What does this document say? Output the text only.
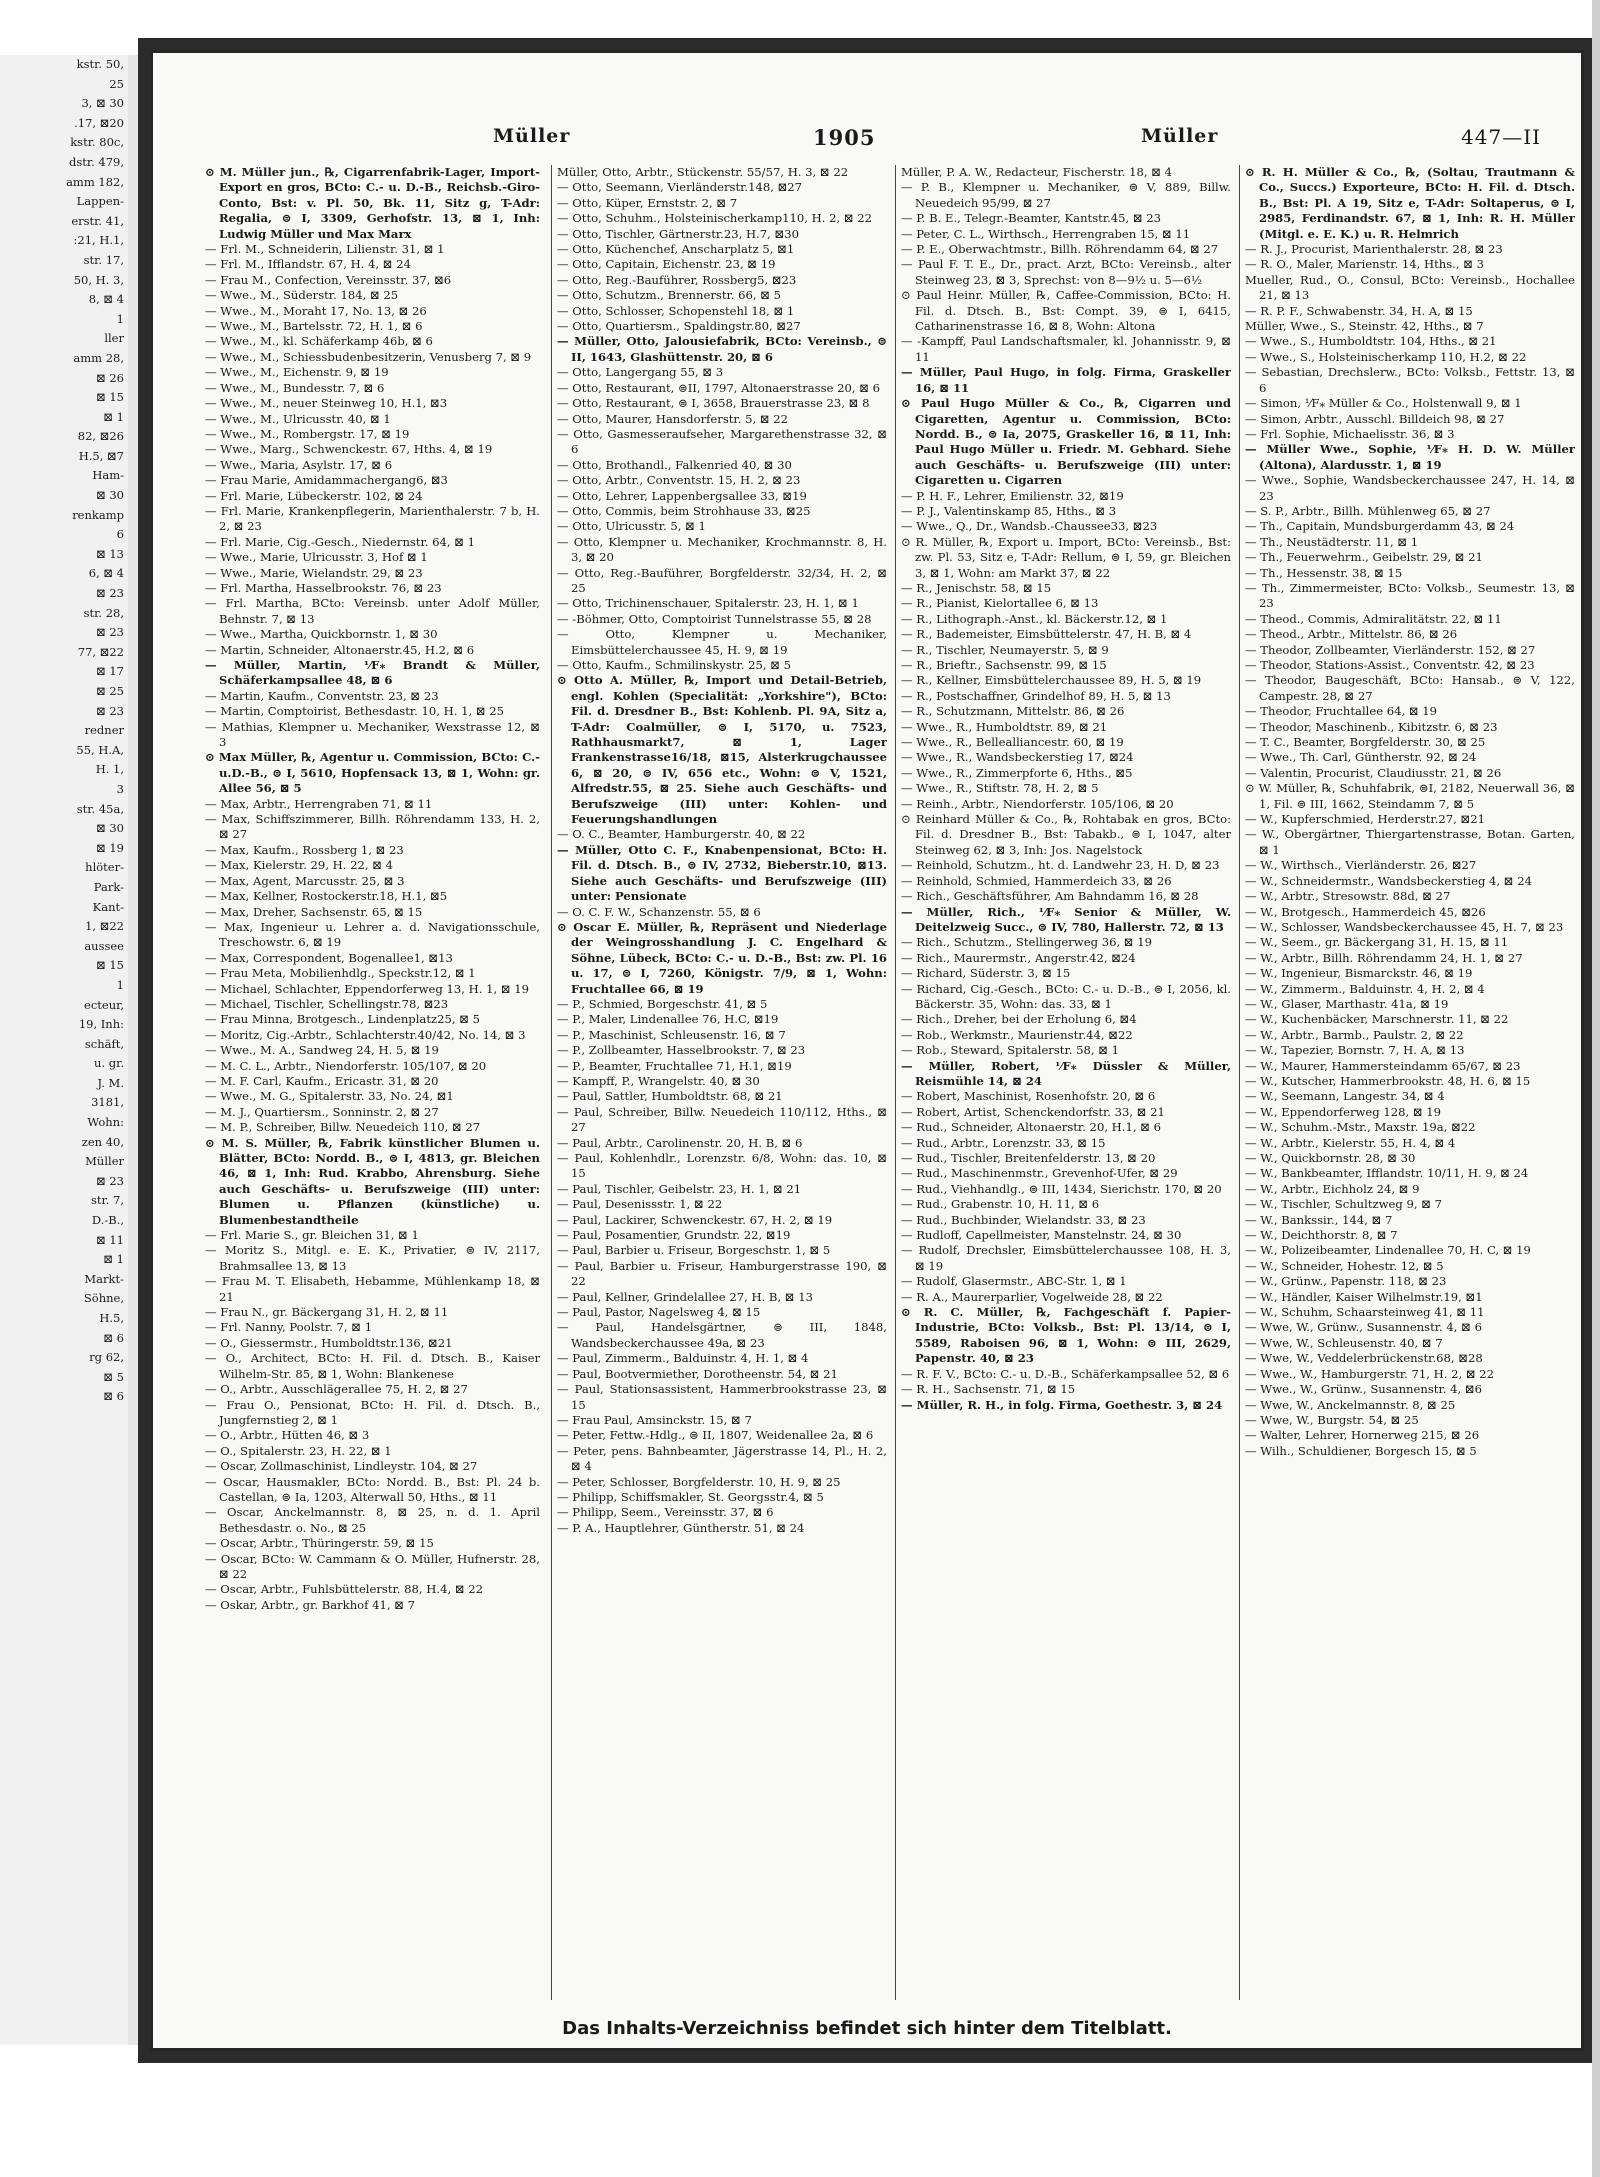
kstr. 50,
25
3, ⊠ 30
.17, ⊠20
kstr. 80c,
dstr. 479,
amm 182,
Lappen-
erstr. 41,
:21, H.1,
str. 17,
50, H. 3,
8, ⊠ 4
1
ller
amm 28,
⊠ 26
⊠ 15
⊠ 1
82, ⊠26
H.5, ⊠7
Ham-
⊠ 30
renkamp
6
⊠ 13
6, ⊠ 4
⊠ 23
str. 28,
⊠ 23
77, ⊠22
⊠ 17
⊠ 25
⊠ 23
redner
55, H.A,
H. 1,
3
str. 45a,
⊠ 30
⊠ 19
hlöter-
Park-
Kant-
1, ⊠22
aussee
⊠ 15
1
ecteur,
19, Inh:
schäft,
u. gr.
J. M.
3181,
Wohn:
zen 40,
Müller
⊠ 23
str. 7,
D.-B.,
⊠ 11
⊠ 1
Markt-
Söhne,
H.5,
⊠ 6
rg 62,
⊠ 5
⊠ 6
Müller	1905	Müller	447—II

⊙ M. Müller jun., ℞, Cigarrenfabrik-Lager, Import- Export en gros, BCto: C.- u. D.-B., Reichsb.-Giro-Conto, Bst: v. Pl. 50, Bk. 11, Sitz g, T-Adr: Regalia, ⊜ I, 3309, Gerhofstr. 13, ⊠ 1, Inh: Ludwig Müller und Max Marx

— Frl. M., Schneiderin, Lilienstr. 31, ⊠ 1

— Frl. M., Ifflandstr. 67, H. 4, ⊠ 24

— Frau M., Confection, Vereinsstr. 37, ⊠6

— Wwe., M., Süderstr. 184, ⊠ 25

— Wwe., M., Moraht 17, No. 13, ⊠ 26

— Wwe., M., Bartelsstr. 72, H. 1, ⊠ 6

— Wwe., M., kl. Schäferkamp 46b, ⊠ 6

— Wwe., M., Schiessbudenbesitzerin, Venusberg 7, ⊠ 9

— Wwe., M., Eichenstr. 9, ⊠ 19

— Wwe., M., Bundesstr. 7, ⊠ 6

— Wwe., M., neuer Steinweg 10, H.1, ⊠3

— Wwe., M., Ulricusstr. 40, ⊠ 1

— Wwe., M., Rombergstr. 17, ⊠ 19

— Wwe., Marg., Schwenckestr. 67, Hths. 4, ⊠ 19

— Wwe., Maria, Asylstr. 17, ⊠ 6

— Frau Marie, Amidammachergang6, ⊠3

— Frl. Marie, Lübeckerstr. 102, ⊠ 24

— Frl. Marie, Krankenpflegerin, Marienthalerstr. 7 b, H. 2, ⊠ 23

— Frl. Marie, Cig.-Gesch., Niedernstr. 64, ⊠ 1

— Wwe., Marie, Ulricusstr. 3, Hof ⊠ 1

— Wwe., Marie, Wielandstr. 29, ⊠ 23

— Frl. Martha, Hasselbrookstr. 76, ⊠ 23

— Frl. Martha, BCto: Vereinsb. unter Adolf Müller, Behnstr. 7, ⊠ 13

— Wwe., Martha, Quickbornstr. 1, ⊠ 30

— Martin, Schneider, Altonaerstr.45, H.2, ⊠ 6

— Müller, Martin, ⅟F⁎ Brandt & Müller, Schäferkampsallee 48, ⊠ 6

— Martin, Kaufm., Conventstr. 23, ⊠ 23

— Martin, Comptoirist, Bethesdastr. 10, H. 1, ⊠ 25

— Mathias, Klempner u. Mechaniker, Wexstrasse 12, ⊠ 3

⊙ Max Müller, ℞, Agentur u. Commission, BCto: C.-u.D.-B., ⊜ I, 5610, Hopfensack 13, ⊠ 1, Wohn: gr. Allee 56, ⊠ 5

— Max, Arbtr., Herrengraben 71, ⊠ 11

— Max, Schiffszimmerer, Billh. Röhrendamm 133, H. 2, ⊠ 27

— Max, Kaufm., Rossberg 1, ⊠ 23

— Max, Kielerstr. 29, H. 22, ⊠ 4

— Max, Agent, Marcusstr. 25, ⊠ 3

— Max, Kellner, Rostockerstr.18, H.1, ⊠5

— Max, Dreher, Sachsenstr. 65, ⊠ 15

— Max, Ingenieur u. Lehrer a. d. Navigationsschule, Treschowstr. 6, ⊠ 19

— Max, Correspondent, Bogenallee1, ⊠13

— Frau Meta, Mobilienhdlg., Speckstr.12, ⊠ 1

— Michael, Schlachter, Eppendorferweg 13, H. 1, ⊠ 19

— Michael, Tischler, Schellingstr.78, ⊠23

— Frau Minna, Brotgesch., Lindenplatz25, ⊠ 5

— Moritz, Cig.-Arbtr., Schlachterstr.40/42, No. 14, ⊠ 3

— Wwe., M. A., Sandweg 24, H. 5, ⊠ 19

— M. C. L., Arbtr., Niendorferstr. 105/107, ⊠ 20

— M. F. Carl, Kaufm., Ericastr. 31, ⊠ 20

— Wwe., M. G., Spitalerstr. 33, No. 24, ⊠1

— M. J., Quartiersm., Sonninstr. 2, ⊠ 27

— M. P., Schreiber, Billw. Neuedeich 110, ⊠ 27

⊙ M. S. Müller, ℞, Fabrik künstlicher Blumen u. Blätter, BCto: Nordd. B., ⊜ I, 4813, gr. Bleichen 46, ⊠ 1, Inh: Rud. Krabbo, Ahrensburg. Siehe auch Geschäfts- u. Berufszweige (III) unter: Blumen u. Pflanzen (künstliche) u. Blumenbestandtheile

— Frl. Marie S., gr. Bleichen 31, ⊠ 1

— Moritz S., Mitgl. e. E. K., Privatier, ⊜ IV, 2117, Brahmsallee 13, ⊠ 13

— Frau M. T. Elisabeth, Hebamme, Mühlenkamp 18, ⊠ 21

— Frau N., gr. Bäckergang 31, H. 2, ⊠ 11

— Frl. Nanny, Poolstr. 7, ⊠ 1

— O., Giessermstr., Humboldtstr.136, ⊠21

— O., Architect, BCto: H. Fil. d. Dtsch. B., Kaiser Wilhelm-Str. 85, ⊠ 1, Wohn: Blankenese

— O., Arbtr., Ausschlägerallee 75, H. 2, ⊠ 27

— Frau O., Pensionat, BCto: H. Fil. d. Dtsch. B., Jungfernstieg 2, ⊠ 1

— O., Arbtr., Hütten 46, ⊠ 3

— O., Spitalerstr. 23, H. 22, ⊠ 1

— Oscar, Zollmaschinist, Lindleystr. 104, ⊠ 27

— Oscar, Hausmakler, BCto: Nordd. B., Bst: Pl. 24 b. Castellan, ⊜ Ia, 1203, Alterwall 50, Hths., ⊠ 11

— Oscar, Anckelmannstr. 8, ⊠ 25, n. d. 1. April Bethesdastr. o. No., ⊠ 25

— Oscar, Arbtr., Thüringerstr. 59, ⊠ 15

— Oscar, BCto: W. Cammann & O. Müller, Hufnerstr. 28, ⊠ 22

— Oscar, Arbtr., Fuhlsbüttelerstr. 88, H.4, ⊠ 22

— Oskar, Arbtr., gr. Barkhof 41, ⊠ 7

Müller, Otto, Arbtr., Stückenstr. 55/57, H. 3, ⊠ 22

— Otto, Seemann, Vierländerstr.148, ⊠27

— Otto, Küper, Ernststr. 2, ⊠ 7

— Otto, Schuhm., Holsteinischerkamp110, H. 2, ⊠ 22

— Otto, Tischler, Gärtnerstr.23, H.7, ⊠30

— Otto, Küchenchef, Anscharplatz 5, ⊠1

— Otto, Capitain, Eichenstr. 23, ⊠ 19

— Otto, Reg.-Bauführer, Rossberg5, ⊠23

— Otto, Schutzm., Brennerstr. 66, ⊠ 5

— Otto, Schlosser, Schopenstehl 18, ⊠ 1

— Otto, Quartiersm., Spaldingstr.80, ⊠27

— Müller, Otto, Jalousiefabrik, BCto: Vereinsb., ⊜ II, 1643, Glashüttenstr. 20, ⊠ 6

— Otto, Langergang 55, ⊠ 3

— Otto, Restaurant, ⊜II, 1797, Altonaerstrasse 20, ⊠ 6

— Otto, Restaurant, ⊜ I, 3658, Brauerstrasse 23, ⊠ 8

— Otto, Maurer, Hansdorferstr. 5, ⊠ 22

— Otto, Gasmesseraufseher, Margarethenstrasse 32, ⊠ 6

— Otto, Brothandl., Falkenried 40, ⊠ 30

— Otto, Arbtr., Conventstr. 15, H. 2, ⊠ 23

— Otto, Lehrer, Lappenbergsallee 33, ⊠19

— Otto, Commis, beim Strohhause 33, ⊠25

— Otto, Ulricusstr. 5, ⊠ 1

— Otto, Klempner u. Mechaniker, Krochmannstr. 8, H. 3, ⊠ 20

— Otto, Reg.-Bauführer, Borgfelderstr. 32/34, H. 2, ⊠ 25

— Otto, Trichinenschauer, Spitalerstr. 23, H. 1, ⊠ 1

— -Böhmer, Otto, Comptoirist Tunnelstrasse 55, ⊠ 28

— Otto, Klempner u. Mechaniker, Eimsbüttelerchaussee 45, H. 9, ⊠ 19

— Otto, Kaufm., Schmilinskystr. 25, ⊠ 5

⊙ Otto A. Müller, ℞, Import und Detail-Betrieb, engl. Kohlen (Specialität: „Yorkshire"), BCto: Fil. d. Dresdner B., Bst: Kohlenb. Pl. 9A, Sitz a, T-Adr: Coalmüller, ⊜ I, 5170, u. 7523, Rathhausmarkt7, ⊠ 1, Lager Frankenstrasse16/18, ⊠15, Alsterkrugchaussee 6, ⊠ 20, ⊜ IV, 656 etc., Wohn: ⊜ V, 1521, Alfredstr.55, ⊠ 25. Siehe auch Geschäfts- und Berufszweige (III) unter: Kohlen- und Feuerungshandlungen

— O. C., Beamter, Hamburgerstr. 40, ⊠ 22

— Müller, Otto C. F., Knabenpensionat, BCto: H. Fil. d. Dtsch. B., ⊜ IV, 2732, Bieberstr.10, ⊠13. Siehe auch Geschäfts- und Berufszweige (III) unter: Pensionate

— O. C. F. W., Schanzenstr. 55, ⊠ 6

⊙ Oscar E. Müller, ℞, Repräsent und Niederlage der Weingrosshandlung J. C. Engelhard & Söhne, Lübeck, BCto: C.- u. D.-B., Bst: zw. Pl. 16 u. 17, ⊜ I, 7260, Königstr. 7/9, ⊠ 1, Wohn: Fruchtallee 66, ⊠ 19

— P., Schmied, Borgeschstr. 41, ⊠ 5

— P., Maler, Lindenallee 76, H.C, ⊠19

— P., Maschinist, Schleusenstr. 16, ⊠ 7

— P., Zollbeamter, Hasselbrookstr. 7, ⊠ 23

— P., Beamter, Fruchtallee 71, H.1, ⊠19

— Kampff, P., Wrangelstr. 40, ⊠ 30

— Paul, Sattler, Humboldtstr. 68, ⊠ 21

— Paul, Schreiber, Billw. Neuedeich 110/112, Hths., ⊠ 27

— Paul, Arbtr., Carolinenstr. 20, H. B, ⊠ 6

— Paul, Kohlenhdlr., Lorenzstr. 6/8, Wohn: das. 10, ⊠ 15

— Paul, Tischler, Geibelstr. 23, H. 1, ⊠ 21

— Paul, Desenissstr. 1, ⊠ 22

— Paul, Lackirer, Schwenckestr. 67, H. 2, ⊠ 19

— Paul, Posamentier, Grundstr. 22, ⊠19

— Paul, Barbier u. Friseur, Borgeschstr. 1, ⊠ 5

— Paul, Barbier u. Friseur, Hamburgerstrasse 190, ⊠ 22

— Paul, Kellner, Grindelallee 27, H. B, ⊠ 13

— Paul, Pastor, Nagelsweg 4, ⊠ 15

— Paul, Handelsgärtner, ⊜ III, 1848, Wandsbeckerchaussee 49a, ⊠ 23

— Paul, Zimmerm., Balduinstr. 4, H. 1, ⊠ 4

— Paul, Bootvermiether, Dorotheenstr. 54, ⊠ 21

— Paul, Stationsassistent, Hammerbrookstrasse 23, ⊠ 15

— Frau Paul, Amsinckstr. 15, ⊠ 7

— Peter, Fettw.-Hdlg., ⊜ II, 1807, Weidenallee 2a, ⊠ 6

— Peter, pens. Bahnbeamter, Jägerstrasse 14, Pl., H. 2, ⊠ 4

— Peter, Schlosser, Borgfelderstr. 10, H. 9, ⊠ 25

— Philipp, Schiffsmakler, St. Georgsstr.4, ⊠ 5

— Philipp, Seem., Vereinsstr. 37, ⊠ 6

— P. A., Hauptlehrer, Güntherstr. 51, ⊠ 24

Müller, P. A. W., Redacteur, Fischerstr. 18, ⊠ 4

— P. B., Klempner u. Mechaniker, ⊜ V, 889, Billw. Neuedeich 95/99, ⊠ 27

— P. B. E., Telegr.-Beamter, Kantstr.45, ⊠ 23

— Peter, C. L., Wirthsch., Herrengraben 15, ⊠ 11

— P. E., Oberwachtmstr., Billh. Röhrendamm 64, ⊠ 27

— Paul F. T. E., Dr., pract. Arzt, BCto: Vereinsb., alter Steinweg 23, ⊠ 3, Sprechst: von 8—9½ u. 5—6½

⊙ Paul Heinr. Müller, ℞, Caffee-Commission, BCto: H. Fil. d. Dtsch. B., Bst: Compt. 39, ⊜ I, 6415, Catharinenstrasse 16, ⊠ 8, Wohn: Altona

— -Kampff, Paul Landschaftsmaler, kl. Johannisstr. 9, ⊠ 11

— Müller, Paul Hugo, in folg. Firma, Graskeller 16, ⊠ 11

⊙ Paul Hugo Müller & Co., ℞, Cigarren und Cigaretten, Agentur u. Commission, BCto: Nordd. B., ⊜ Ia, 2075, Graskeller 16, ⊠ 11, Inh: Paul Hugo Müller u. Friedr. M. Gebhard. Siehe auch Geschäfts- u. Berufszweige (III) unter: Cigaretten u. Cigarren

— P. H. F., Lehrer, Emilienstr. 32, ⊠19

— P. J., Valentinskamp 85, Hths., ⊠ 3

— Wwe., Q., Dr., Wandsb.-Chaussee33, ⊠23

⊙ R. Müller, ℞, Export u. Import, BCto: Vereinsb., Bst: zw. Pl. 53, Sitz e, T-Adr: Rellum, ⊜ I, 59, gr. Bleichen 3, ⊠ 1, Wohn: am Markt 37, ⊠ 22

— R., Jenischstr. 58, ⊠ 15

— R., Pianist, Kielortallee 6, ⊠ 13

— R., Lithograph.-Anst., kl. Bäckerstr.12, ⊠ 1

— R., Bademeister, Eimsbüttelerstr. 47, H. B, ⊠ 4

— R., Tischler, Neumayerstr. 5, ⊠ 9

— R., Brieftr., Sachsenstr. 99, ⊠ 15

— R., Kellner, Eimsbüttelerchaussee 89, H. 5, ⊠ 19

— R., Postschaffner, Grindelhof 89, H. 5, ⊠ 13

— R., Schutzmann, Mittelstr. 86, ⊠ 26

— Wwe., R., Humboldtstr. 89, ⊠ 21

— Wwe., R., Bellealliancestr. 60, ⊠ 19

— Wwe., R., Wandsbeckerstieg 17, ⊠24

— Wwe., R., Zimmerpforte 6, Hths., ⊠5

— Wwe., R., Stiftstr. 78, H. 2, ⊠ 5

— Reinh., Arbtr., Niendorferstr. 105/106, ⊠ 20

⊙ Reinhard Müller & Co., ℞, Rohtabak en gros, BCto: Fil. d. Dresdner B., Bst: Tabakb., ⊜ I, 1047, alter Steinweg 62, ⊠ 3, Inh: Jos. Nagelstock

— Reinhold, Schutzm., ht. d. Landwehr 23, H. D, ⊠ 23

— Reinhold, Schmied, Hammerdeich 33, ⊠ 26

— Rich., Geschäftsführer, Am Bahndamm 16, ⊠ 28

— Müller, Rich., ⅟F⁎ Senior & Müller, W. Deitelzweig Succ., ⊜ IV, 780, Hallerstr. 72, ⊠ 13

— Rich., Schutzm., Stellingerweg 36, ⊠ 19

— Rich., Maurermstr., Angerstr.42, ⊠24

— Richard, Süderstr. 3, ⊠ 15

— Richard, Cig.-Gesch., BCto: C.- u. D.-B., ⊜ I, 2056, kl. Bäckerstr. 35, Wohn: das. 33, ⊠ 1

— Rich., Dreher, bei der Erholung 6, ⊠4

— Rob., Werkmstr., Maurienstr.44, ⊠22

— Rob., Steward, Spitalerstr. 58, ⊠ 1

— Müller, Robert, ⅟F⁎ Düssler & Müller, Reismühle 14, ⊠ 24

— Robert, Maschinist, Rosenhofstr. 20, ⊠ 6

— Robert, Artist, Schenckendorfstr. 33, ⊠ 21

— Rud., Schneider, Altonaerstr. 20, H.1, ⊠ 6

— Rud., Arbtr., Lorenzstr. 33, ⊠ 15

— Rud., Tischler, Breitenfelderstr. 13, ⊠ 20

— Rud., Maschinenmstr., Grevenhof-Ufer, ⊠ 29

— Rud., Viehhandlg., ⊜ III, 1434, Sierichstr. 170, ⊠ 20

— Rud., Grabenstr. 10, H. 11, ⊠ 6

— Rud., Buchbinder, Wielandstr. 33, ⊠ 23

— Rudloff, Capellmeister, Manstelnstr. 24, ⊠ 30

— Rudolf, Drechsler, Eimsbüttelerchaussee 108, H. 3, ⊠ 19

— Rudolf, Glasermstr., ABC-Str. 1, ⊠ 1

— R. A., Maurerparlier, Vogelweide 28, ⊠ 22

⊙ R. C. Müller, ℞, Fachgeschäft f. Papier-Industrie, BCto: Volksb., Bst: Pl. 13/14, ⊜ I, 5589, Raboisen 96, ⊠ 1, Wohn: ⊜ III, 2629, Papenstr. 40, ⊠ 23

— R. F. V., BCto: C.- u. D.-B., Schäferkampsallee 52, ⊠ 6

— R. H., Sachsenstr. 71, ⊠ 15

— Müller, R. H., in folg. Firma, Goethestr. 3, ⊠ 24

⊙ R. H. Müller & Co., ℞, (Soltau, Trautmann & Co., Succs.) Exporteure, BCto: H. Fil. d. Dtsch. B., Bst: Pl. A 19, Sitz e, T-Adr: Soltaperus, ⊜ I, 2985, Ferdinandstr. 67, ⊠ 1, Inh: R. H. Müller (Mitgl. e. E. K.) u. R. Helmrich

— R. J., Procurist, Marienthalerstr. 28, ⊠ 23

— R. O., Maler, Marienstr. 14, Hths., ⊠ 3

Mueller, Rud., O., Consul, BCto: Vereinsb., Hochallee 21, ⊠ 13

— R. P. F., Schwabenstr. 34, H. A, ⊠ 15

Müller, Wwe., S., Steinstr. 42, Hths., ⊠ 7

— Wwe., S., Humboldtstr. 104, Hths., ⊠ 21

— Wwe., S., Holsteinischerkamp 110, H.2, ⊠ 22

— Sebastian, Drechslerw., BCto: Volksb., Fettstr. 13, ⊠ 6

— Simon, ⅟F⁎ Müller & Co., Holstenwall 9, ⊠ 1

— Simon, Arbtr., Ausschl. Billdeich 98, ⊠ 27

— Frl. Sophie, Michaelisstr. 36, ⊠ 3

— Müller Wwe., Sophie, ⅟F⁎ H. D. W. Müller (Altona), Alardusstr. 1, ⊠ 19

— Wwe., Sophie, Wandsbeckerchaussee 247, H. 14, ⊠ 23

— S. P., Arbtr., Billh. Mühlenweg 65, ⊠ 27

— Th., Capitain, Mundsburgerdamm 43, ⊠ 24

— Th., Neustädterstr. 11, ⊠ 1

— Th., Feuerwehrm., Geibelstr. 29, ⊠ 21

— Th., Hessenstr. 38, ⊠ 15

— Th., Zimmermeister, BCto: Volksb., Seumestr. 13, ⊠ 23

— Theod., Commis, Admiralitätstr. 22, ⊠ 11

— Theod., Arbtr., Mittelstr. 86, ⊠ 26

— Theodor, Zollbeamter, Vierländerstr. 152, ⊠ 27

— Theodor, Stations-Assist., Conventstr. 42, ⊠ 23

— Theodor, Baugeschäft, BCto: Hansab., ⊜ V, 122, Campestr. 28, ⊠ 27

— Theodor, Fruchtallee 64, ⊠ 19

— Theodor, Maschinenb., Kibitzstr. 6, ⊠ 23

— T. C., Beamter, Borgfelderstr. 30, ⊠ 25

— Wwe., Th. Carl, Güntherstr. 92, ⊠ 24

— Valentin, Procurist, Claudiusstr. 21, ⊠ 26

⊙ W. Müller, ℞, Schuhfabrik, ⊜I, 2182, Neuerwall 36, ⊠ 1, Fil. ⊜ III, 1662, Steindamm 7, ⊠ 5

— W., Kupferschmied, Herderstr.27, ⊠21

— W., Obergärtner, Thiergartenstrasse, Botan. Garten, ⊠ 1

— W., Wirthsch., Vierländerstr. 26, ⊠27

— W., Schneidermstr., Wandsbeckerstieg 4, ⊠ 24

— W., Arbtr., Stresowstr. 88d, ⊠ 27

— W., Brotgesch., Hammerdeich 45, ⊠26

— W., Schlosser, Wandsbeckerchaussee 45, H. 7, ⊠ 23

— W., Seem., gr. Bäckergang 31, H. 15, ⊠ 11

— W., Arbtr., Billh. Röhrendamm 24, H. 1, ⊠ 27

— W., Ingenieur, Bismarckstr. 46, ⊠ 19

— W., Zimmerm., Balduinstr. 4, H. 2, ⊠ 4

— W., Glaser, Marthastr. 41a, ⊠ 19

— W., Kuchenbäcker, Marschnerstr. 11, ⊠ 22

— W., Arbtr., Barmb., Paulstr. 2, ⊠ 22

— W., Tapezier, Bornstr. 7, H. A, ⊠ 13

— W., Maurer, Hammersteindamm 65/67, ⊠ 23

— W., Kutscher, Hammerbrookstr. 48, H. 6, ⊠ 15

— W., Seemann, Langestr. 34, ⊠ 4

— W., Eppendorferweg 128, ⊠ 19

— W., Schuhm.-Mstr., Maxstr. 19a, ⊠22

— W., Arbtr., Kielerstr. 55, H. 4, ⊠ 4

— W., Quickbornstr. 28, ⊠ 30

— W., Bankbeamter, Ifflandstr. 10/11, H. 9, ⊠ 24

— W., Arbtr., Eichholz 24, ⊠ 9

— W., Tischler, Schultzweg 9, ⊠ 7

— W., Bankssir., 144, ⊠ 7

— W., Deichthorstr. 8, ⊠ 7

— W., Polizeibeamter, Lindenallee 70, H. C, ⊠ 19

— W., Schneider, Hohestr. 12, ⊠ 5

— W., Grünw., Papenstr. 118, ⊠ 23

— W., Händler, Kaiser Wilhelmstr.19, ⊠1

— W., Schuhm, Schaarsteinweg 41, ⊠ 11

— Wwe, W., Grünw., Susannenstr. 4, ⊠ 6

— Wwe, W., Schleusenstr. 40, ⊠ 7

— Wwe, W., Veddelerbrückenstr.68, ⊠28

— Wwe., W., Hamburgerstr. 71, H. 2, ⊠ 22

— Wwe., W., Grünw., Susannenstr. 4, ⊠6

— Wwe, W., Anckelmannstr. 8, ⊠ 25

— Wwe, W., Burgstr. 54, ⊠ 25

— Walter, Lehrer, Hornerweg 215, ⊠ 26

— Wilh., Schuldiener, Borgesch 15, ⊠ 5

Das Inhalts-Verzeichniss befindet sich hinter dem Titelblatt.
